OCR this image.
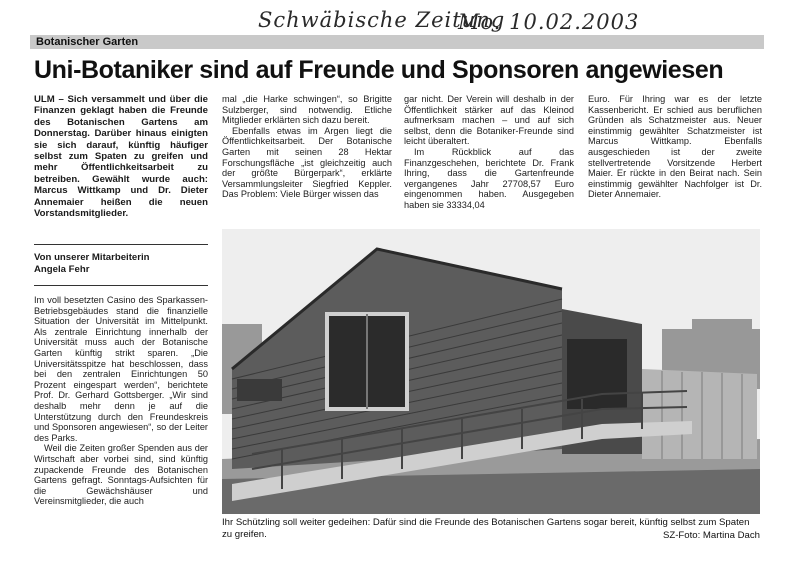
Schwäbische Zeitung
Mo. 10.02.2003
Botanischer Garten
Uni-Botaniker sind auf Freunde und Sponsoren angewiesen
ULM – Sich versammelt und über die Finanzen geklagt haben die Freunde des Botanischen Gartens am Donnerstag. Darüber hinaus einigten sie sich darauf, künftig häufiger selbst zum Spaten zu greifen und mehr Öffentlichkeitsarbeit zu betreiben. Gewählt wurde auch: Marcus Wittkamp und Dr. Dieter Annemaier heißen die neuen Vorstandsmitglieder.
Von unserer Mitarbeiterin
Angela Fehr

Im voll besetzten Casino des Sparkassen-Betriebsgebäudes stand die finanzielle Situation der Universität im Mittelpunkt. Als zentrale Einrichtung innerhalb der Universität muss auch der Botanische Garten künftig strikt sparen. „Die Universitätsspitze hat beschlossen, dass bei den zentralen Einrichtungen 50 Prozent eingespart werden“, berichtete Prof. Dr. Gerhard Gottsberger. „Wir sind deshalb mehr denn je auf die Unterstützung durch den Freundeskreis und Sponsoren angewiesen“, so der Leiter des Parks.

Weil die Zeiten großer Spenden aus der Wirtschaft aber vorbei sind, sind künftig zupackende Freunde des Botanischen Gartens gefragt. Sonntags-Aufsichten für die Gewächshäuser und Vereinsmitglieder, die auch

mal „die Harke schwingen“, so Brigitte Sulzberger, sind notwendig. Etliche Mitglieder erklärten sich dazu bereit.

Ebenfalls etwas im Argen liegt die Öffentlichkeitsarbeit. Der Botanische Garten mit seinen 28 Hektar Forschungsfläche „ist gleichzeitig auch der größte Bürgerpark“, erklärte Versammlungsleiter Siegfried Keppler. Das Problem: Viele Bürger wissen das

gar nicht. Der Verein will deshalb in der Öffentlichkeit stärker auf das Kleinod aufmerksam machen – und auf sich selbst, denn die Botaniker-Freunde sind leicht überaltert.

Im Rückblick auf das Finanzgeschehen, berichtete Dr. Frank Ihring, dass die Gartenfreunde vergangenes Jahr 27708,57 Euro eingenommen haben. Ausgegeben haben sie 33334,04

Euro. Für Ihring war es der letzte Kassenbericht. Er schied aus beruflichen Gründen als Schatzmeister aus. Neuer einstimmig gewählter Schatzmeister ist Marcus Wittkamp. Ebenfalls ausgeschieden ist der zweite stellvertretende Vorsitzende Herbert Maier. Er rückte in den Beirat nach. Sein einstimmig gewählter Nachfolger ist Dr. Dieter Annemaier.

Ihr Schützling soll weiter gedeihen: Dafür sind die Freunde des Botanischen Gartens sogar bereit, künftig selbst zum Spaten zu greifen.	SZ-Foto: Martina Dach
